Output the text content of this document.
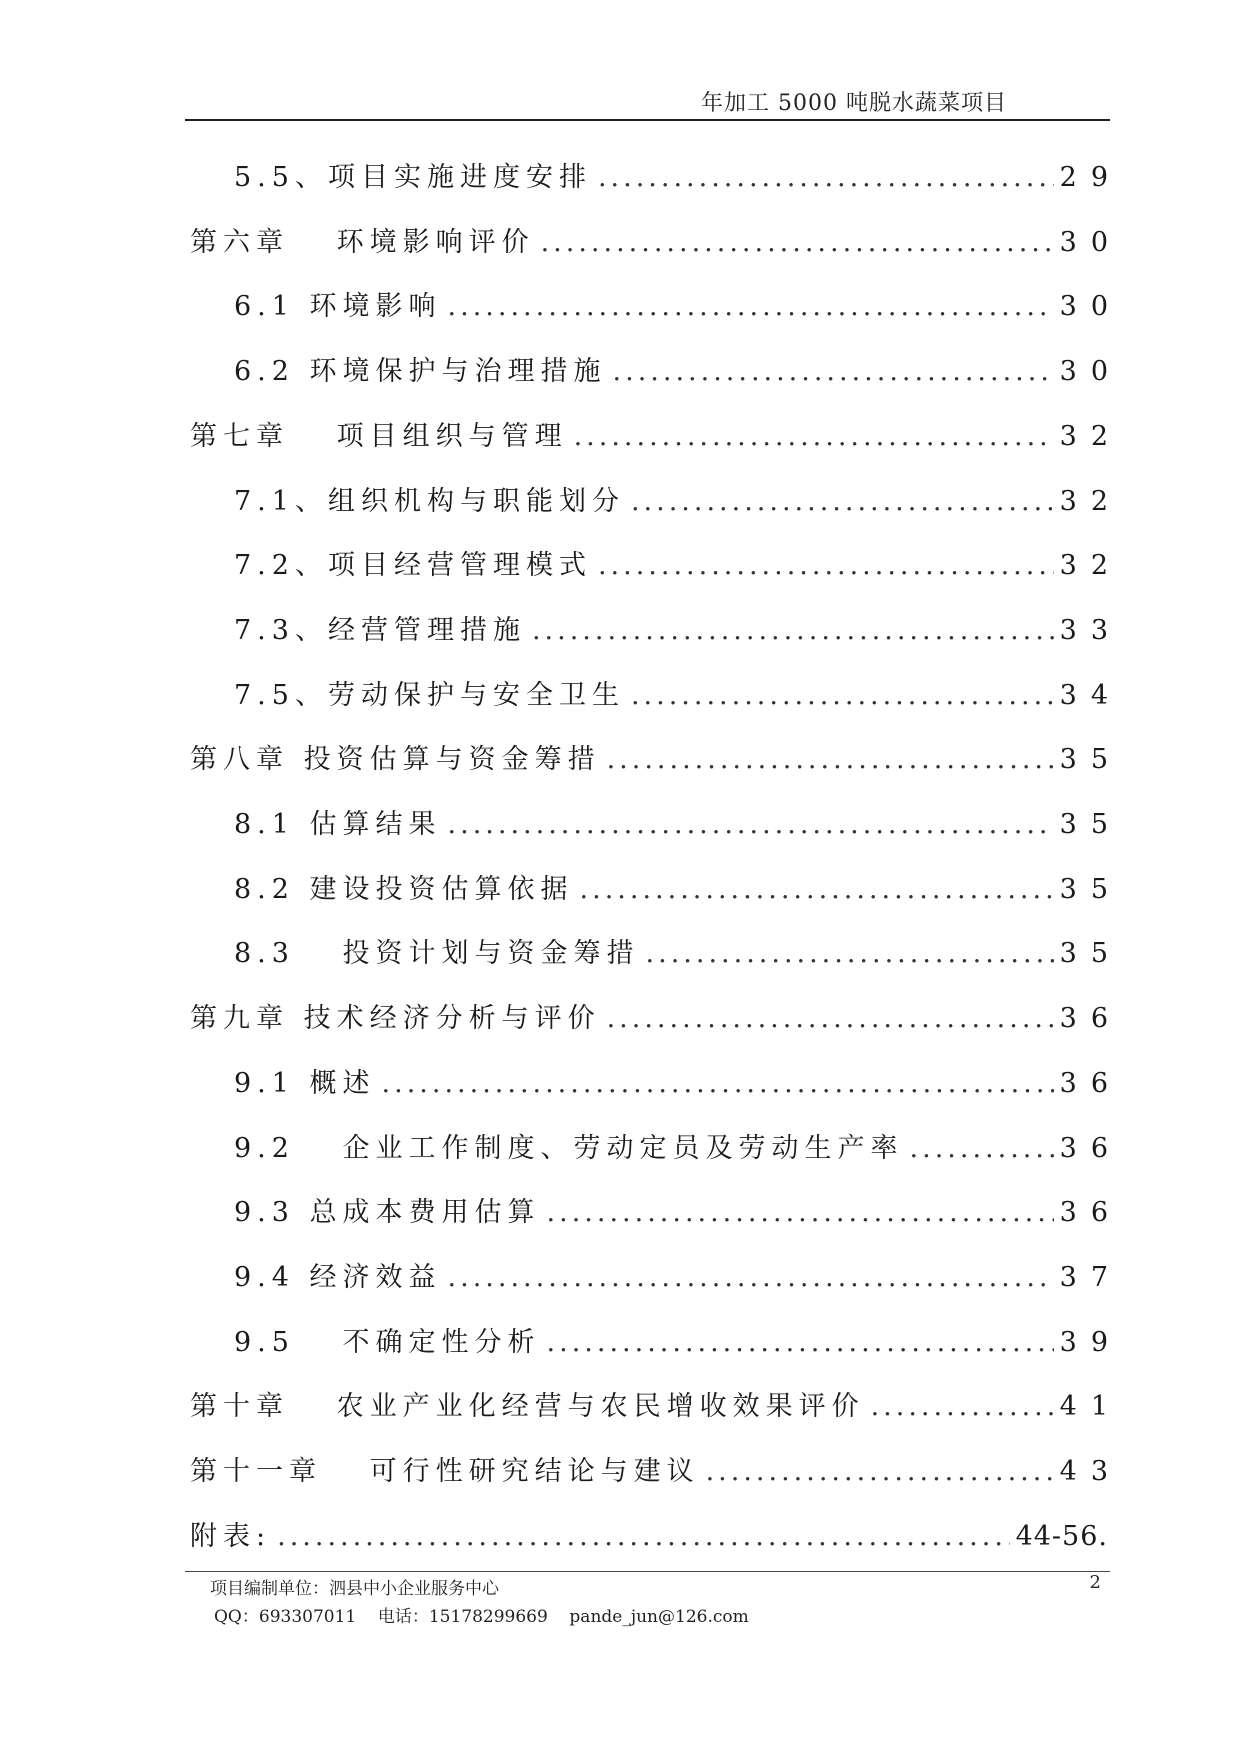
年加工 5000 吨脱水蔬菜项目
5.5、项目实施进度安排 .....	29
第六章　 环境影响评价 .....	30
6.1 环境影响 .....	30
6.2 环境保护与治理措施 .....	30
第七章　 项目组织与管理 .....	32
7.1、组织机构与职能划分 .....	32
7.2、项目经营管理模式 .....	32
7.3、经营管理措施 .....	33
7.5、劳动保护与安全卫生 .....	34
第八章 投资估算与资金筹措 .....	35
8.1 估算结果 .....	35
8.2 建设投资估算依据 .....	35
8.3　 投资计划与资金筹措 .....	35
第九章 技术经济分析与评价 .....	36
9.1 概述 .....	36
9.2　 企业工作制度、劳动定员及劳动生产率 .....	36
9.3 总成本费用估算 .....	36
9.4 经济效益 .....	37
9.5　 不确定性分析 .....	39
第十章　 农业产业化经营与农民增收效果评价 .....	41
第十一章　 可行性研究结论与建议 .....	43
附表: .....	44-56.
项目编制单位：泗县中小企业服务中心
QQ：693307011    电话：15178299669    pande_jun@126.com
2
